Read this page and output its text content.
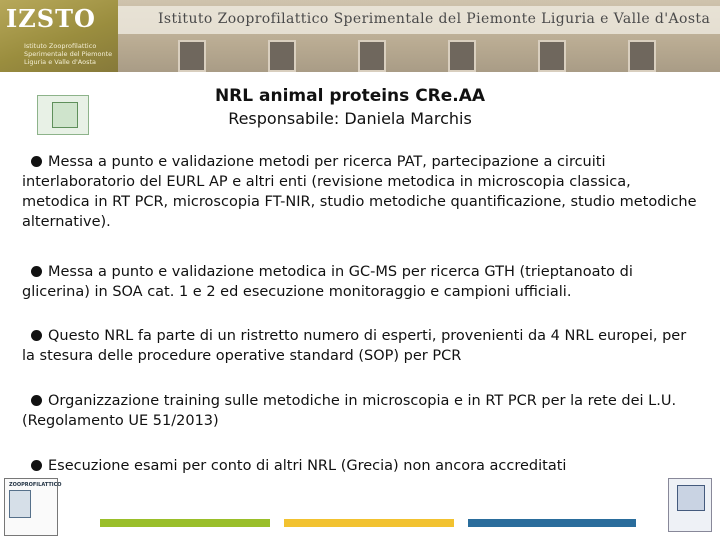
IZSTO
Istituto Zooprofilattico Sperimentale del Piemonte Liguria e Valle d'Aosta
Istituto Zooprofilattico Sperimentale del Piemonte Liguria e Valle d'Aosta
NRL animal proteins CRe.AA
Responsabile: Daniela Marchis

Messa a punto e validazione metodi per ricerca PAT, partecipazione a circuiti interlaboratorio del EURL AP e altri enti (revisione metodica in microscopia classica, metodica in RT PCR, microscopia FT-NIR, studio metodiche quantificazione, studio metodiche alternative).

Messa a punto e validazione metodica in GC-MS per ricerca GTH (trieptanoato di glicerina) in SOA cat. 1 e 2 ed esecuzione monitoraggio e campioni ufficiali.

Questo NRL fa parte di un ristretto numero di esperti, provenienti da 4 NRL europei, per la stesura delle procedure operative standard (SOP) per PCR

Organizzazione training sulle metodiche in microscopia e in RT PCR per la rete dei L.U. (Regolamento UE 51/2013)

Esecuzione esami per conto di altri NRL (Grecia) non ancora accreditati

ZOOPROFILATTICO
